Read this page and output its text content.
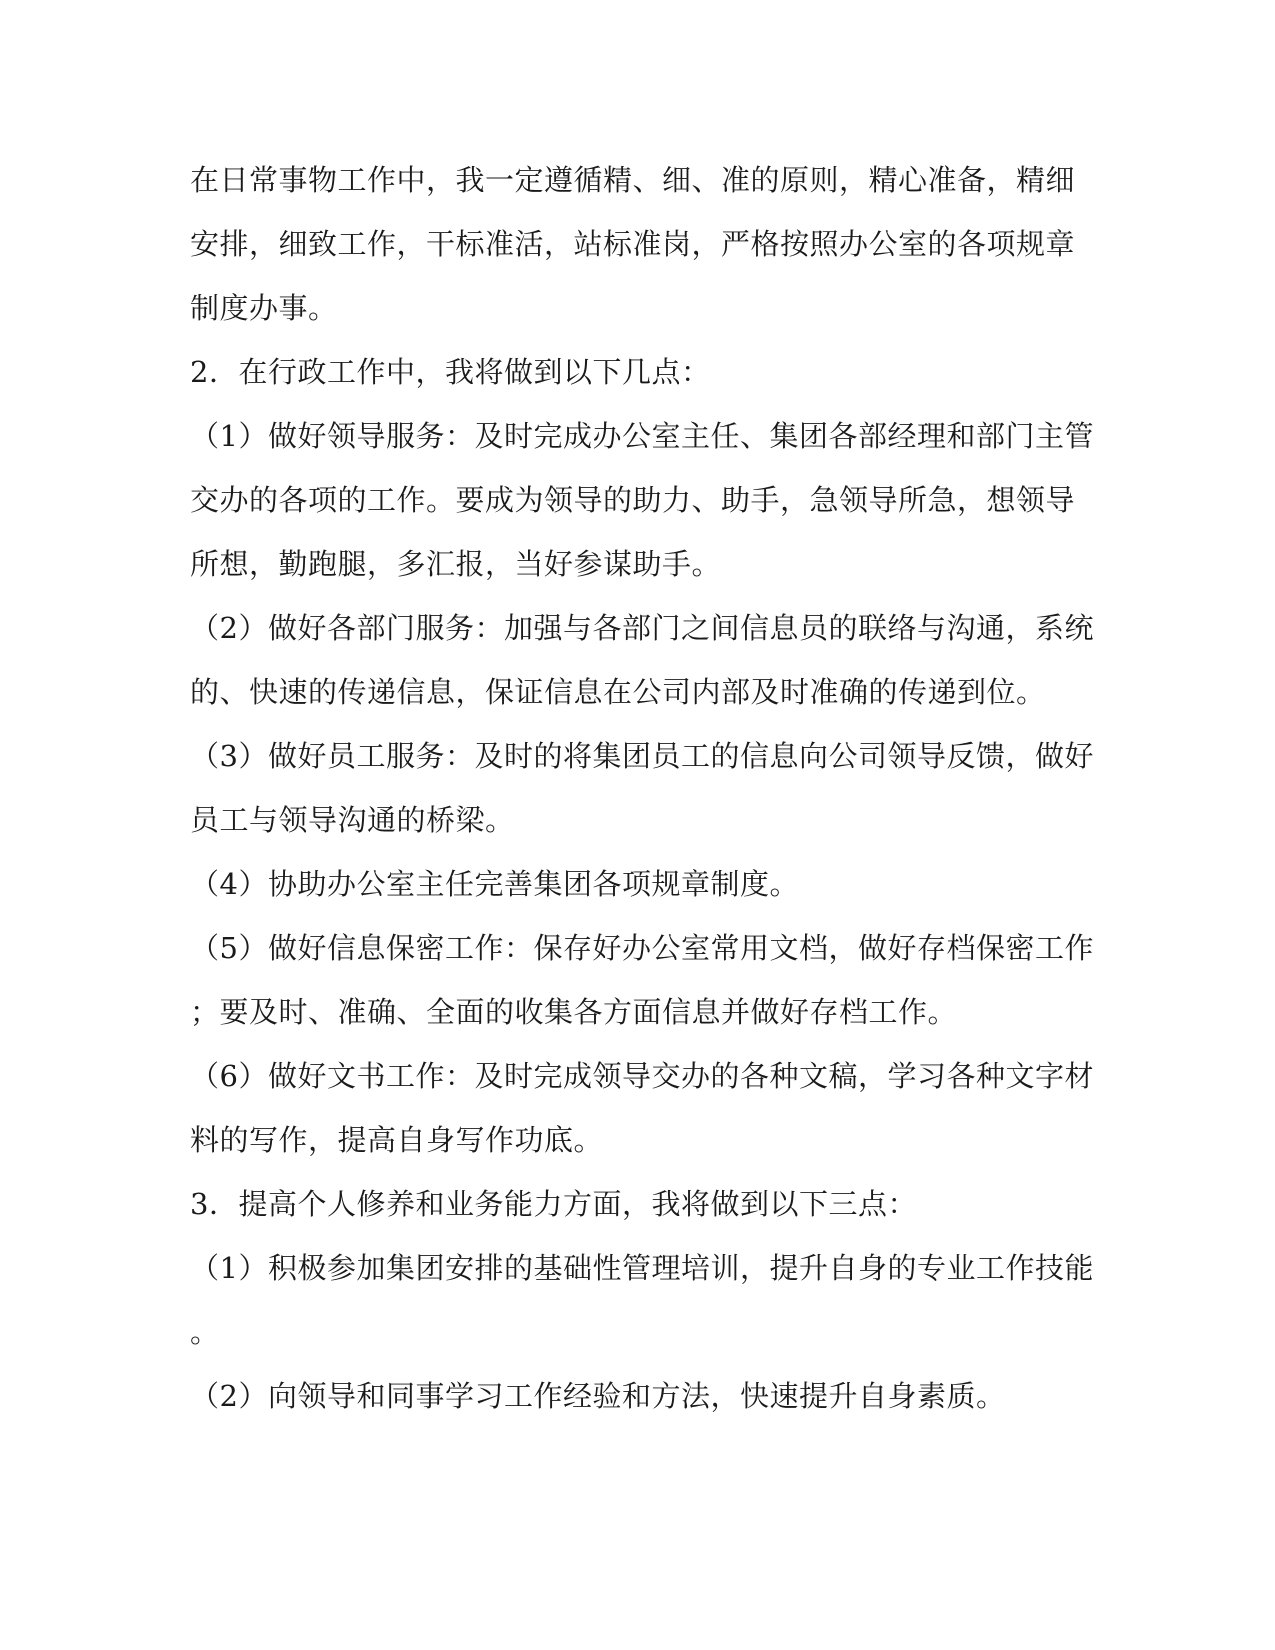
在日常事物工作中，我一定遵循精、细、准的原则，精心准备，精细
安排，细致工作，干标准活，站标准岗，严格按照办公室的各项规章
制度办事。
2．在行政工作中，我将做到以下几点：
（1）做好领导服务：及时完成办公室主任、集团各部经理和部门主管
交办的各项的工作。要成为领导的助力、助手，急领导所急，想领导
所想，勤跑腿，多汇报，当好参谋助手。
（2）做好各部门服务：加强与各部门之间信息员的联络与沟通，系统
的、快速的传递信息，保证信息在公司内部及时准确的传递到位。
（3）做好员工服务：及时的将集团员工的信息向公司领导反馈，做好
员工与领导沟通的桥梁。
（4）协助办公室主任完善集团各项规章制度。
（5）做好信息保密工作：保存好办公室常用文档，做好存档保密工作
；要及时、准确、全面的收集各方面信息并做好存档工作。
（6）做好文书工作：及时完成领导交办的各种文稿，学习各种文字材
料的写作，提高自身写作功底。
3．提高个人修养和业务能力方面，我将做到以下三点：
（1）积极参加集团安排的基础性管理培训，提升自身的专业工作技能
。
（2）向领导和同事学习工作经验和方法，快速提升自身素质。
